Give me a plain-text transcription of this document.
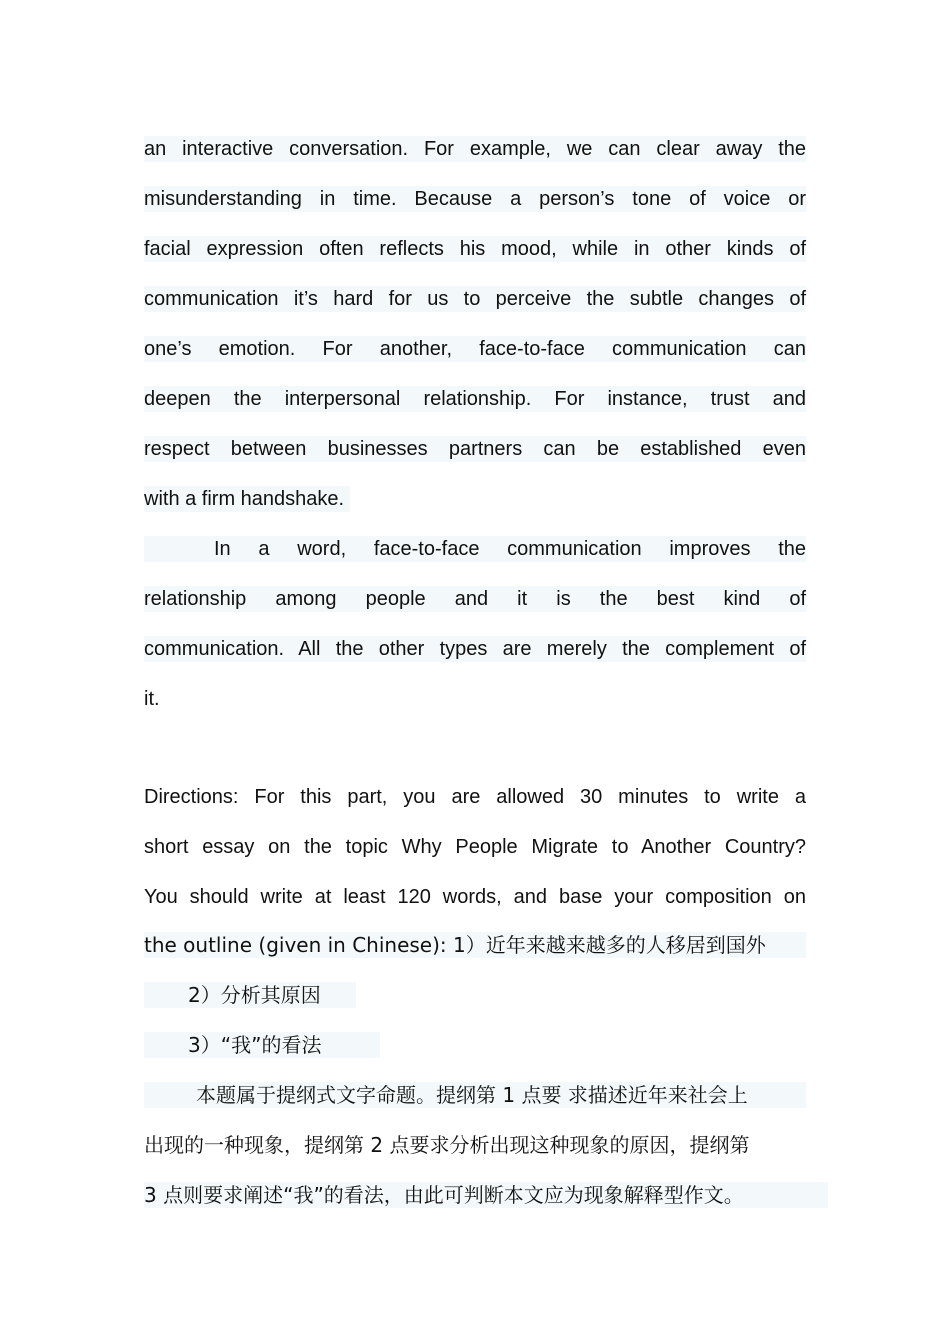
an interactive conversation. For example, we can clear away the
misunderstanding in time. Because a person’s tone of voice or
facial expression often reflects his mood, while in other kinds of
communication it’s hard for us to perceive the subtle changes of
one’s emotion. For another, face-to-face communication can
deepen the interpersonal relationship. For instance, trust and
respect between businesses partners can be established even
with a firm handshake.
In a word, face-to-face communication improves the
relationship among people and it is the best kind of
communication. All the other types are merely the complement of
it.
Directions: For this part, you are allowed 30 minutes to write a
short essay on the topic Why People Migrate to Another Country?
You should write at least 120 words, and base your composition on
the outline (given in Chinese): 1）近年来越来越多的人移居到国外
2）分析其原因
3）“我”的看法
本题属于提纲式文字命题。提纲第 1 点要 求描述近年来社会上
出现的一种现象，提纲第 2 点要求分析出现这种现象的原因，提纲第
3 点则要求阐述“我”的看法，由此可判断本文应为现象解释型作文。
